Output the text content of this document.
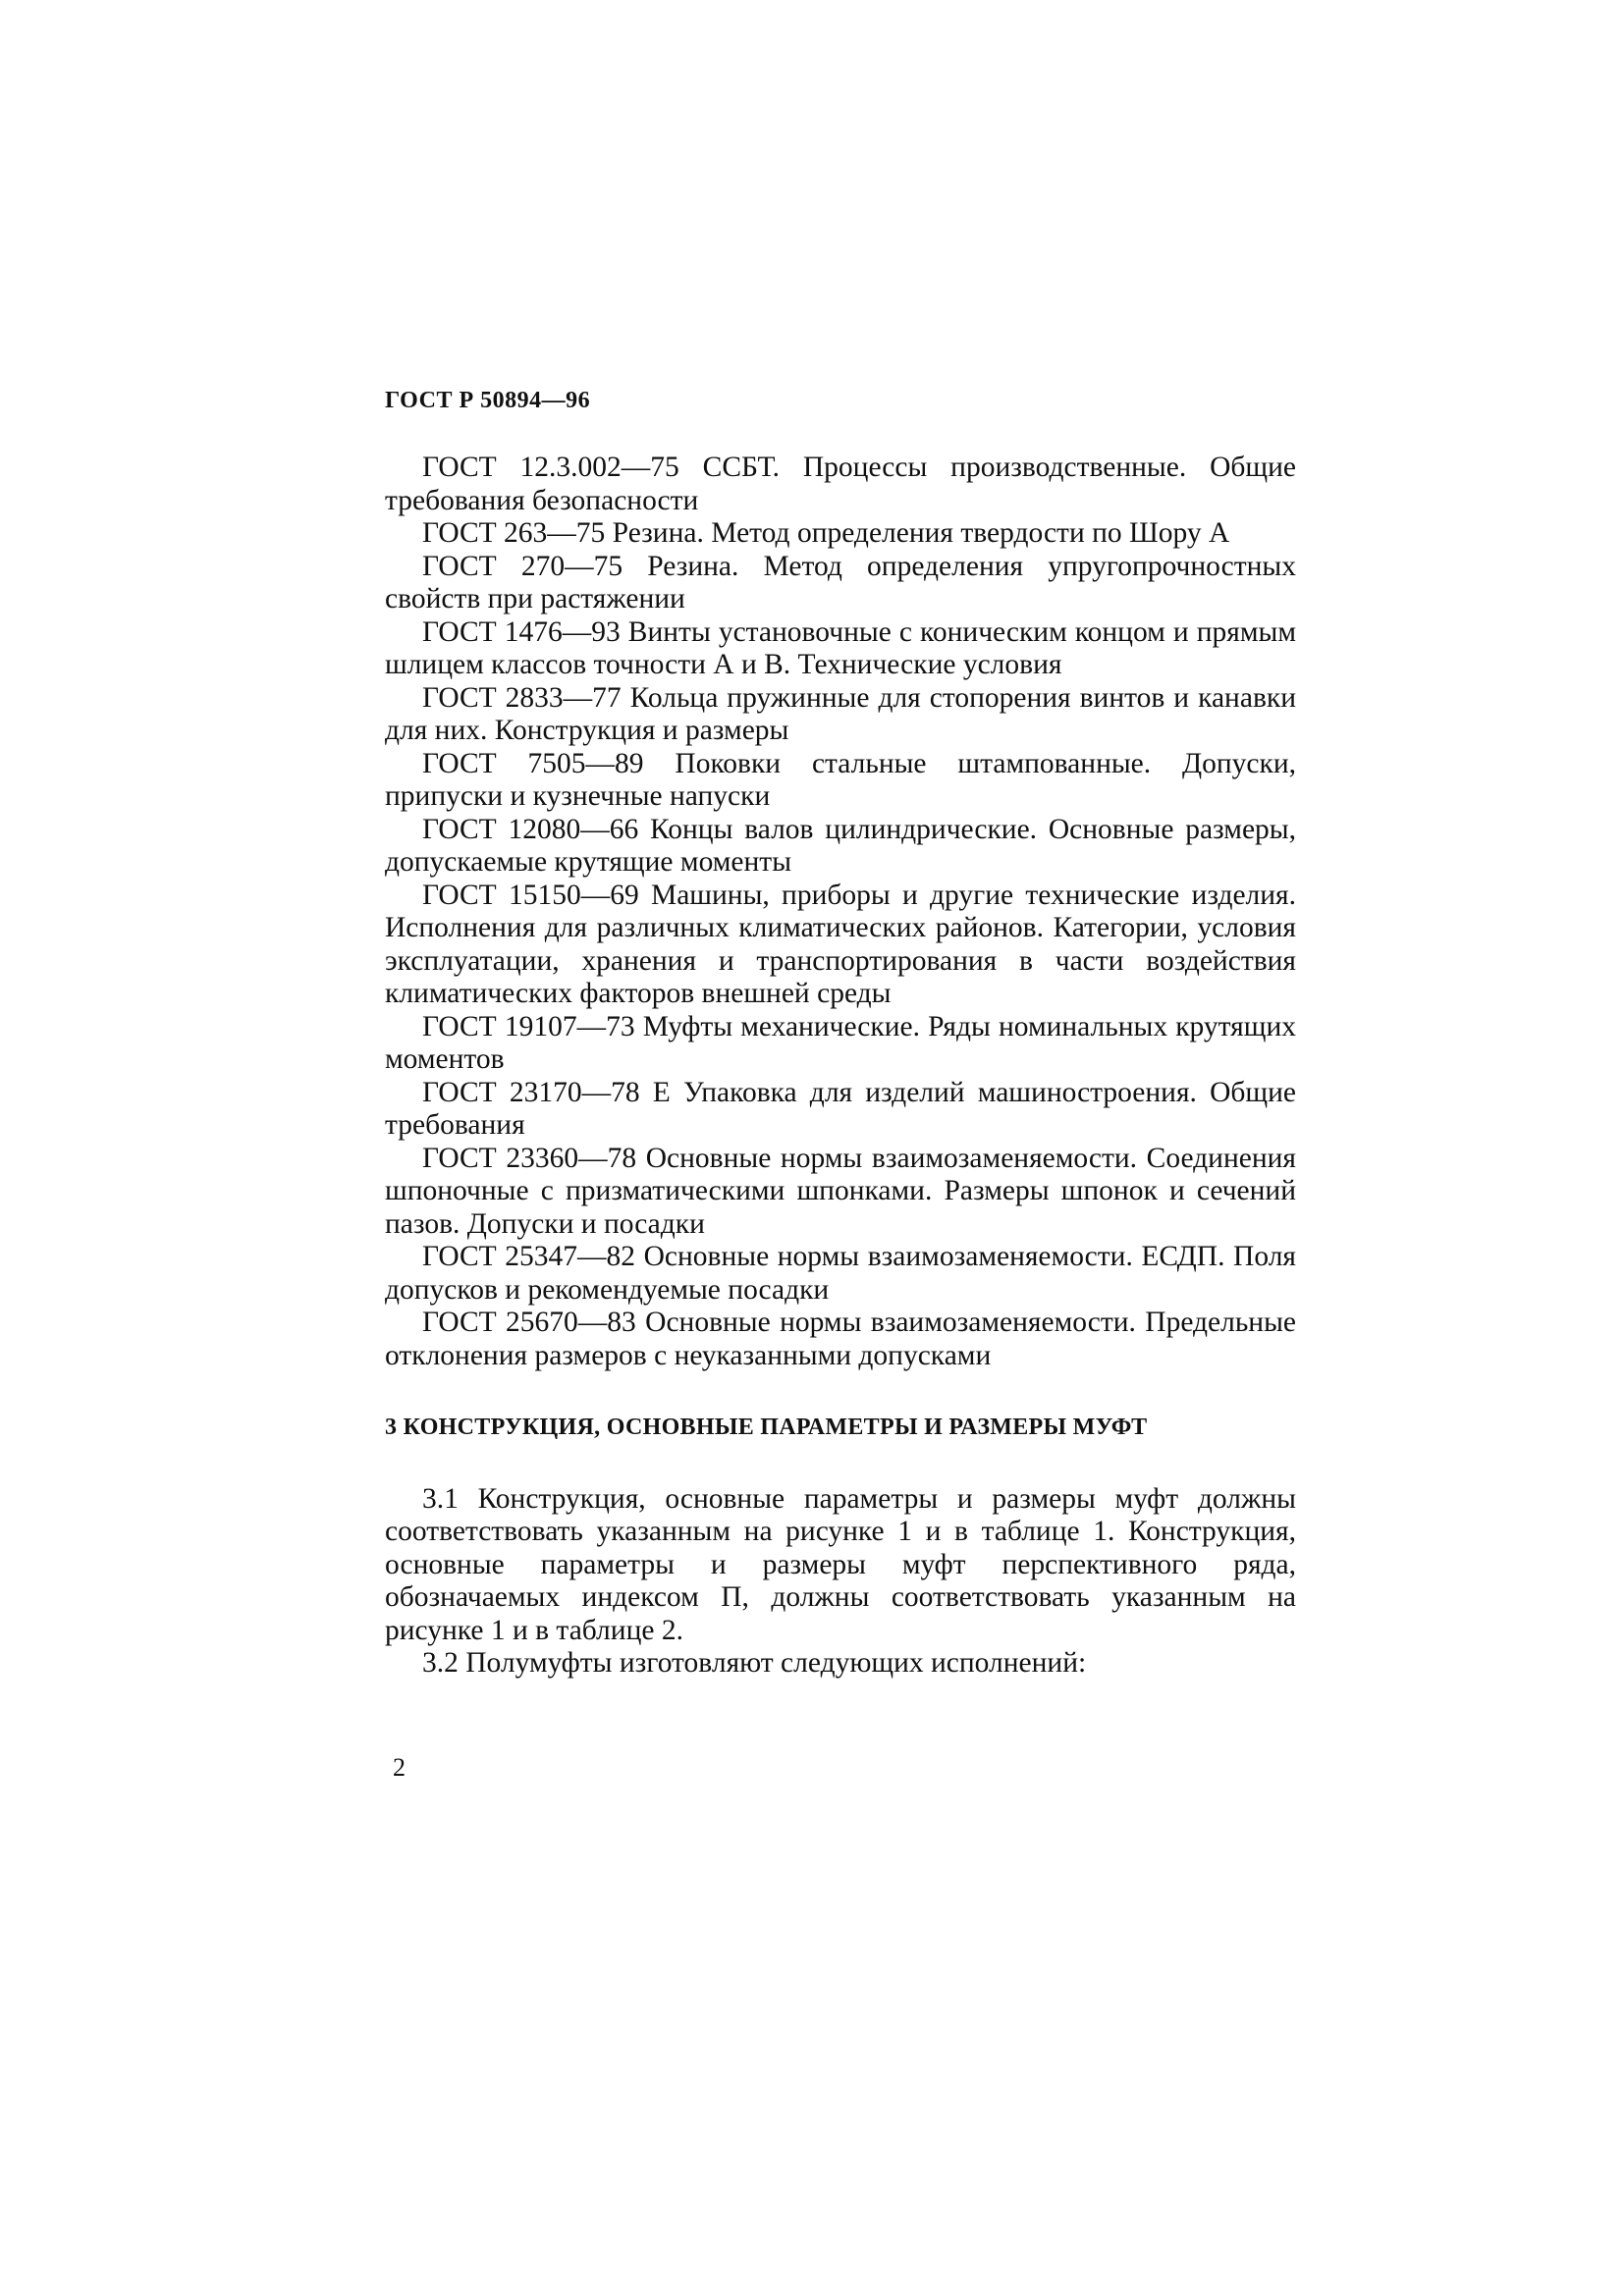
ГОСТ Р 50894—96

ГОСТ 12.3.002—75 ССБТ. Процессы производственные. Общие требования безопасности

ГОСТ 263—75 Резина. Метод определения твердости по Шору А

ГОСТ 270—75 Резина. Метод определения упругопрочностных свойств при растяжении

ГОСТ 1476—93 Винты установочные с коническим концом и прямым шлицем классов точности А и В. Технические условия

ГОСТ 2833—77 Кольца пружинные для стопорения винтов и канавки для них. Конструкция и размеры

ГОСТ 7505—89 Поковки стальные штампованные. Допуски, припуски и кузнечные напуски

ГОСТ 12080—66 Концы валов цилиндрические. Основные размеры, допускаемые крутящие моменты

ГОСТ 15150—69 Машины, приборы и другие технические изделия. Исполнения для различных климатических районов. Категории, условия эксплуатации, хранения и транспортирования в части воздействия климатических факторов внешней среды

ГОСТ 19107—73 Муфты механические. Ряды номинальных крутящих моментов

ГОСТ 23170—78 Е Упаковка для изделий машиностроения. Общие требования

ГОСТ 23360—78 Основные нормы взаимозаменяемости. Соединения шпоночные с призматическими шпонками. Размеры шпонок и сечений пазов. Допуски и посадки

ГОСТ 25347—82 Основные нормы взаимозаменяемости. ЕСДП. Поля допусков и рекомендуемые посадки

ГОСТ 25670—83 Основные нормы взаимозаменяемости. Предельные отклонения размеров с неуказанными допусками

3 КОНСТРУКЦИЯ, ОСНОВНЫЕ ПАРАМЕТРЫ И РАЗМЕРЫ МУФТ

3.1 Конструкция, основные параметры и размеры муфт должны соответствовать указанным на рисунке 1 и в таблице 1. Конструкция, основные параметры и размеры муфт перспективного ряда, обозначаемых индексом П, должны соответствовать указанным на рисунке 1 и в таблице 2.

3.2 Полумуфты изготовляют следующих исполнений:

2
